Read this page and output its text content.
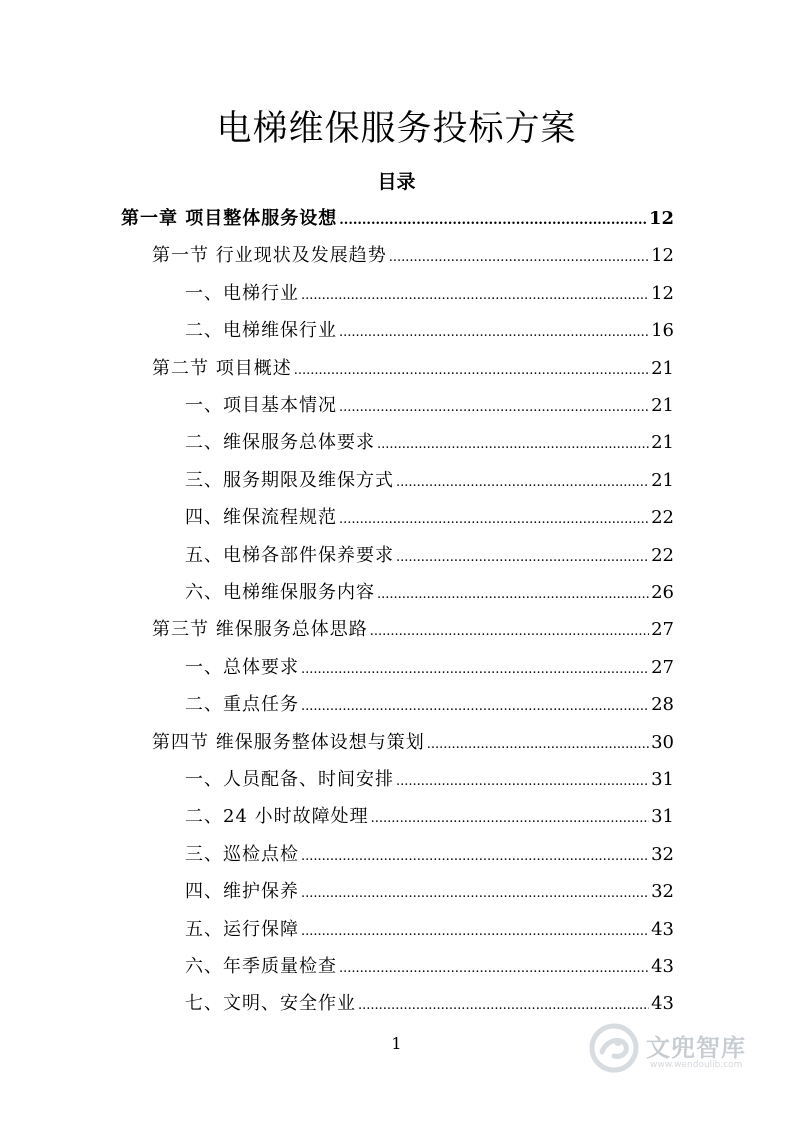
电梯维保服务投标方案
目录
第一章 项目整体服务设想 .....	12
第一节 行业现状及发展趋势 .....	12
一、电梯行业 .....	12
二、电梯维保行业 .....	16
第二节 项目概述 .....	21
一、项目基本情况 .....	21
二、维保服务总体要求 .....	21
三、服务期限及维保方式 .....	21
四、维保流程规范 .....	22
五、电梯各部件保养要求 .....	22
六、电梯维保服务内容 .....	26
第三节 维保服务总体思路 .....	27
一、总体要求 .....	27
二、重点任务 .....	28
第四节 维保服务整体设想与策划 .....	30
一、人员配备、时间安排 .....	31
二、24 小时故障处理 .....	31
三、巡检点检 .....	32
四、维护保养 .....	32
五、运行保障 .....	43
六、年季质量检查 .....	43
七、文明、安全作业 .....	43
1	文兜智库
www.wendoulib.com
